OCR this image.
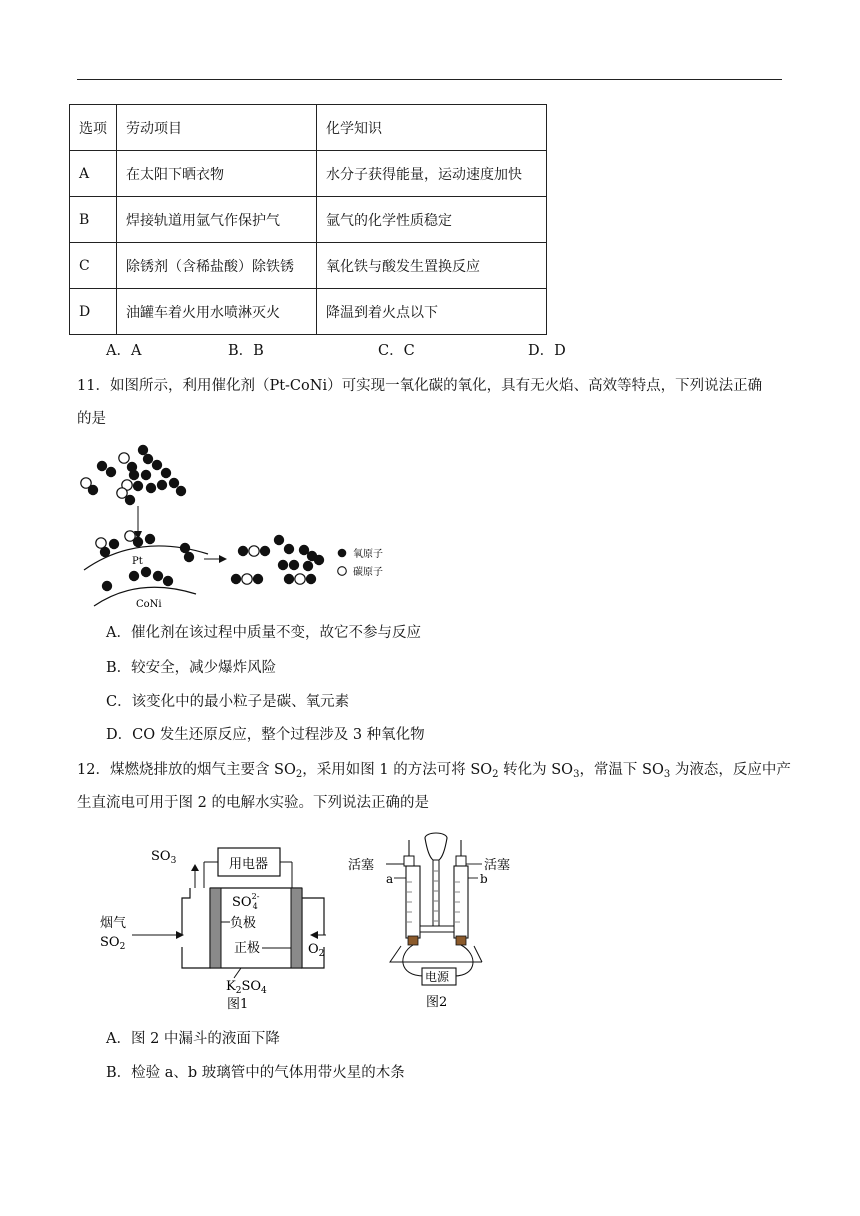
选项	劳动项目	化学知识
A	在太阳下晒衣物	水分子获得能量，运动速度加快
B	焊接轨道用氩气作保护气	氩气的化学性质稳定
C	除锈剂（含稀盐酸）除铁锈	氧化铁与酸发生置换反应
D	油罐车着火用水喷淋灭火	降温到着火点以下
A．A	B．B	C．C	D．D
11．如图所示，利用催化剂（Pt-CoNi）可实现一氧化碳的氧化，具有无火焰、高效等特点，下列说法正确
的是
Pt
CoNi
氧原子
碳原子
A．催化剂在该过程中质量不变，故它不参与反应
B．较安全，减少爆炸风险
C．该变化中的最小粒子是碳、氧元素
D．CO 发生还原反应，整个过程涉及 3 种氧化物
12．煤燃烧排放的烟气主要含 $SO_2$，采用如图 1 的方法可将 $SO_2$ 转化为 $SO_3$，常温下 $SO_3$ 为液态，反应中产
生直流电可用于图 2 的电解水实验。下列说法正确的是
$SO_3$	用电器
$SO_42-$
负极
正极
烟气
$SO_2$	$O_2$
$K_2SO_4$
图1
活塞	活塞
a	b
电源
图2
A．图 2 中漏斗的液面下降
B．检验 a、b 玻璃管中的气体用带火星的木条
